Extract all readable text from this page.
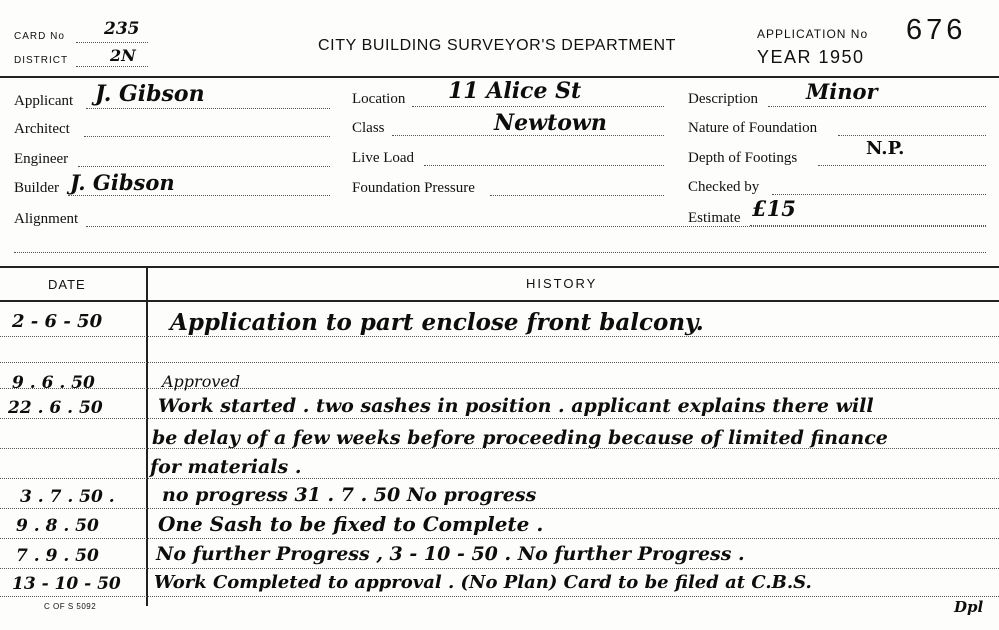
CARD No 235
DISTRICT	2N
CITY BUILDING SURVEYOR'S DEPARTMENT
APPLICATION No 676
YEAR 1950
Applicant J. Gibson
Architect
Engineer
Builder J. Gibson
Alignment
Location 11 Alice St
Class	Newtown
Live Load
Foundation Pressure
Description Minor
Nature of Foundation
Depth of Footings	N.P.
Checked by
Estimate £15
DATE	HISTORY
2 - 6 - 50	Application to part enclose front balcony.
9 . 6 . 50	Approved
22 . 6 . 50	Work started . two sashes in position . applicant explains there will
be delay of a few weeks before proceeding because of limited finance
for materials .
3 . 7 . 50 . no progress 31 . 7 . 50 No progress
9 . 8 . 50	One Sash to be fixed to Complete .
7 . 9 . 50	No further Progress , 3 - 10 - 50 . No further Progress .
13 - 10 - 50 Work Completed to approval . (No Plan) Card to be filed at C.B.S.
Dpl
C OF S 5092
